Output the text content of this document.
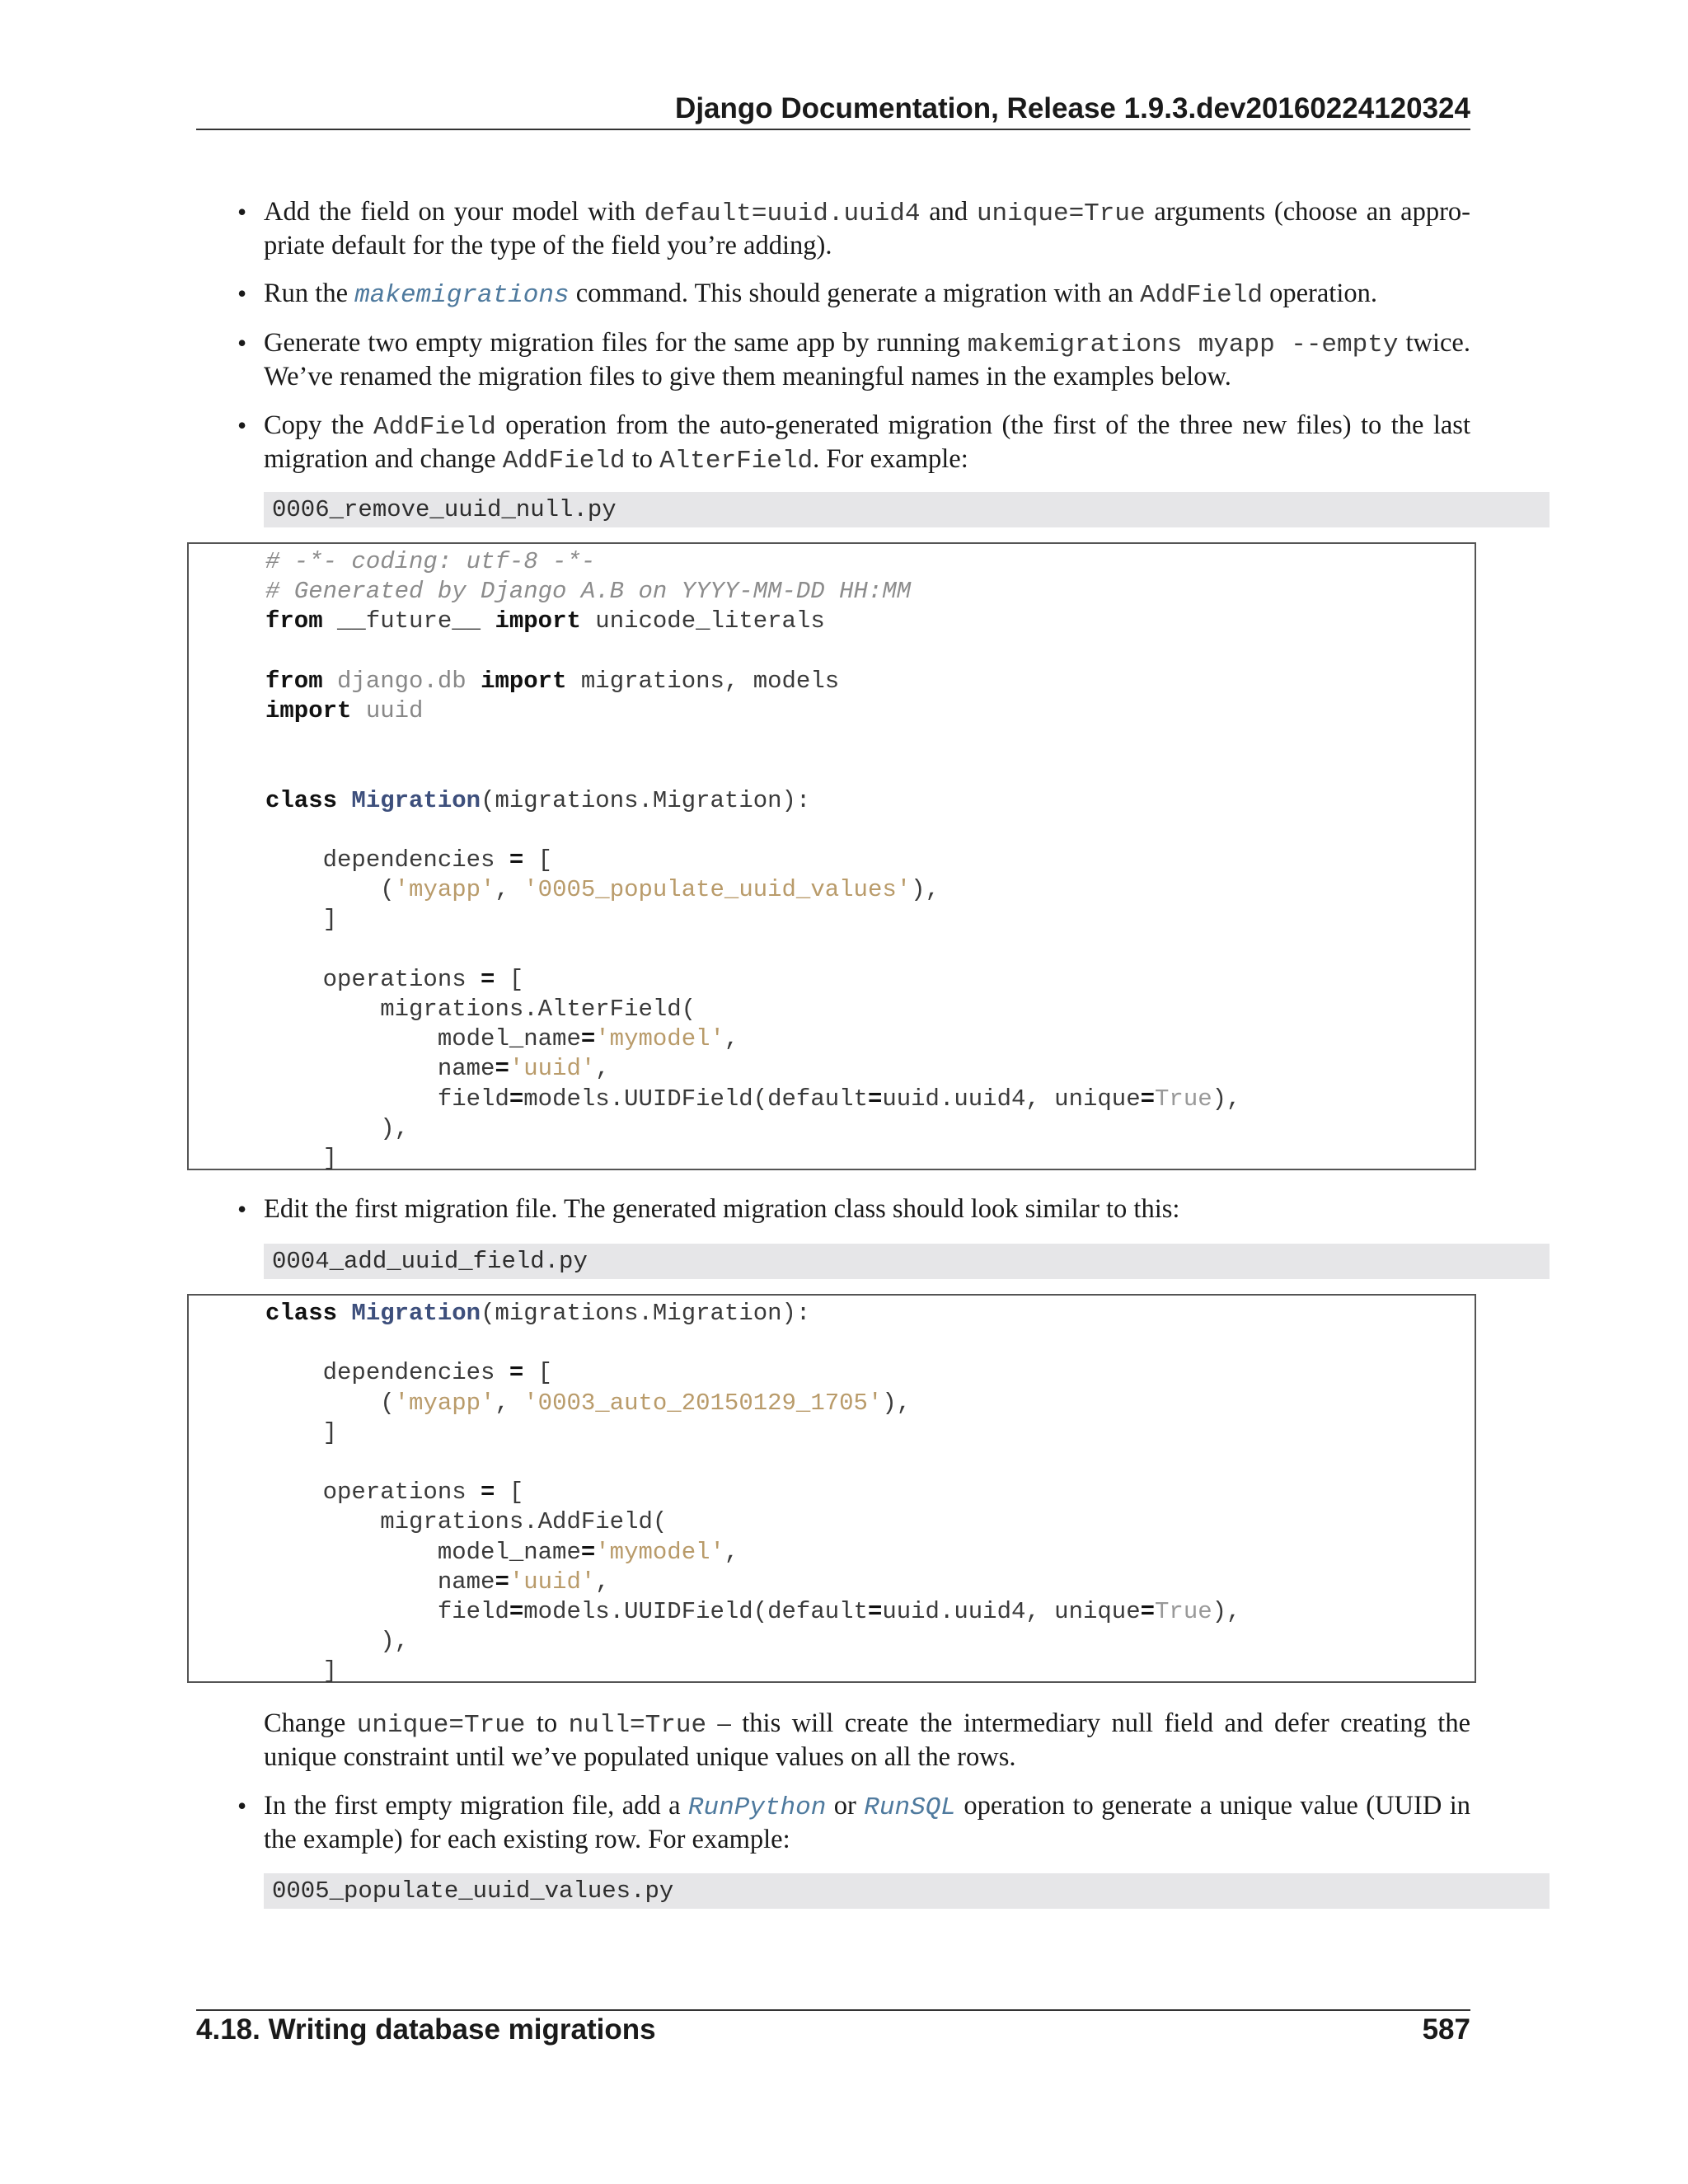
Django Documentation, Release 1.9.3.dev20160224120324

• Add the field on your model with default=uuid.uuid4 and unique=True arguments (choose an appro-priate default for the type of the field you’re adding).

• Run the makemigrations command. This should generate a migration with an AddField operation.

• Generate two empty migration files for the same app by running makemigrations myapp --empty twice. We’ve renamed the migration files to give them meaningful names in the examples below.

• Copy the AddField operation from the auto-generated migration (the first of the three new files) to the last migration and change AddField to AlterField. For example:

0006_remove_uuid_null.py
# -*- coding: utf-8 -*-
# Generated by Django A.B on YYYY-MM-DD HH:MM
from __future__ import unicode_literals

from django.db import migrations, models
import uuid

class Migration(migrations.Migration):

dependencies = [
('myapp', '0005_populate_uuid_values'),
]

operations = [
migrations.AlterField(
model_name='mymodel',
name='uuid',
field=models.UUIDField(default=uuid.uuid4, unique=True),
),
]

• Edit the first migration file. The generated migration class should look similar to this:

0004_add_uuid_field.py
class Migration(migrations.Migration):

dependencies = [
('myapp', '0003_auto_20150129_1705'),
]

operations = [
migrations.AddField(
model_name='mymodel',
name='uuid',
field=models.UUIDField(default=uuid.uuid4, unique=True),
),
]

Change unique=True to null=True – this will create the intermediary null field and defer creating the unique constraint until we’ve populated unique values on all the rows.

• In the first empty migration file, add a RunPython or RunSQL operation to generate a unique value (UUID in the example) for each existing row. For example:

0005_populate_uuid_values.py
4.18. Writing database migrations	587
